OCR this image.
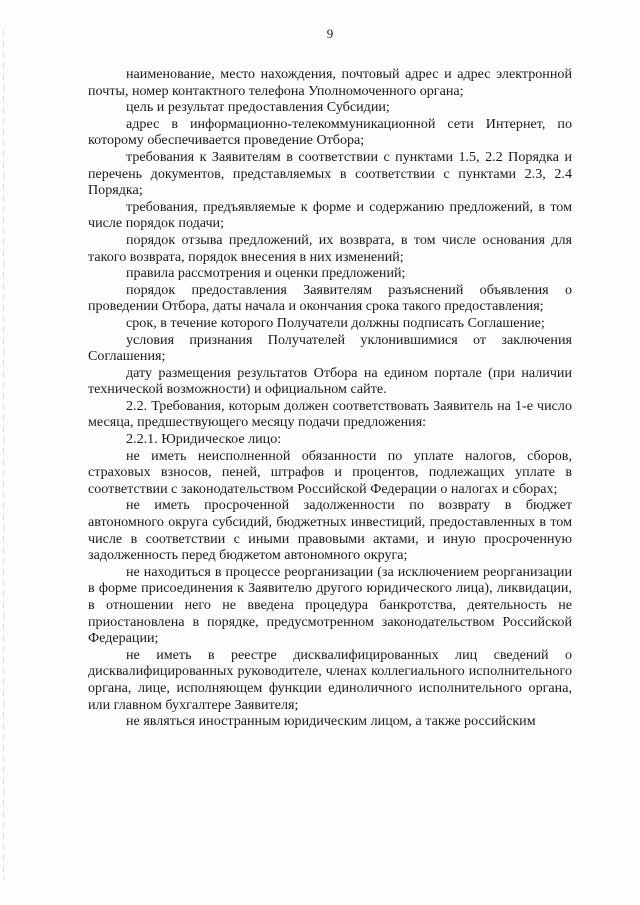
9

наименование, место нахождения, почтовый адрес и адрес электронной почты, номер контактного телефона Уполномоченного органа;

цель и результат предоставления Субсидии;

адрес в информационно-телекоммуникационной сети Интернет, по которому обеспечивается проведение Отбора;

требования к Заявителям в соответствии с пунктами 1.5, 2.2 Порядка и перечень документов, представляемых в соответствии с пунктами 2.3, 2.4 Порядка;

требования, предъявляемые к форме и содержанию предложений, в том числе порядок подачи;

порядок отзыва предложений, их возврата, в том числе основания для такого возврата, порядок внесения в них изменений;

правила рассмотрения и оценки предложений;

порядок предоставления Заявителям разъяснений объявления о проведении Отбора, даты начала и окончания срока такого предоставления;

срок, в течение которого Получатели должны подписать Соглашение;

условия признания Получателей уклонившимися от заключения Соглашения;

дату размещения результатов Отбора на едином портале (при наличии технической возможности) и официальном сайте.

2.2. Требования, которым должен соответствовать Заявитель на 1-е число месяца, предшествующего месяцу подачи предложения:

2.2.1. Юридическое лицо:

не иметь неисполненной обязанности по уплате налогов, сборов, страховых взносов, пеней, штрафов и процентов, подлежащих уплате в соответствии с законодательством Российской Федерации о налогах и сборах;

не иметь просроченной задолженности по возврату в бюджет автономного округа субсидий, бюджетных инвестиций, предоставленных в том числе в соответствии с иными правовыми актами, и иную просроченную задолженность перед бюджетом автономного округа;

не находиться в процессе реорганизации (за исключением реорганизации в форме присоединения к Заявителю другого юридического лица), ликвидации, в отношении него не введена процедура банкротства, деятельность не приостановлена в порядке, предусмотренном законодательством Российской Федерации;

не иметь в реестре дисквалифицированных лиц сведений о дисквалифицированных руководителе, членах коллегиального исполнительного органа, лице, исполняющем функции единоличного исполнительного органа, или главном бухгалтере Заявителя;

не являться иностранным юридическим лицом, а также российским
